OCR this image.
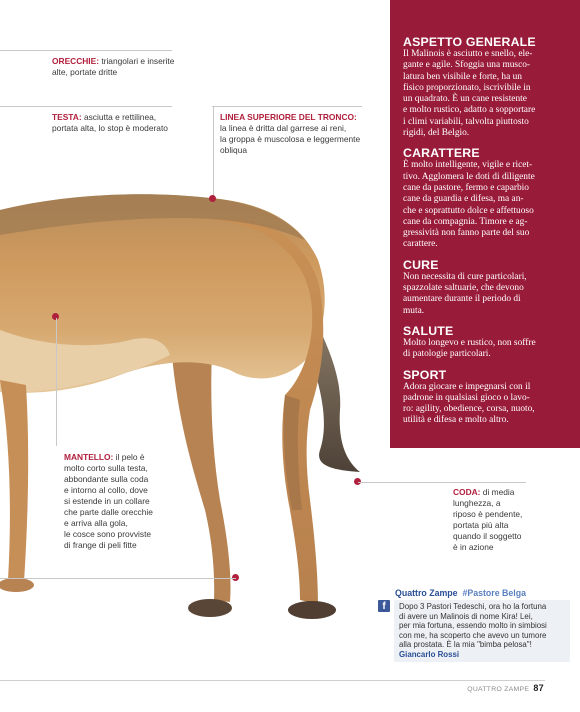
ORECCHIE: triangolari e inserite
alte, portate dritte
TESTA: asciutta e rettilinea,
portata alta, lo stop è moderato
LINEA SUPERIORE DEL TRONCO:
la linea è dritta dal garrese ai reni,
la groppa è muscolosa e leggermente
obliqua
ASPETTO GENERALE

Il Malinois è asciutto e snello, ele-
gante e agile. Sfoggia una musco-
latura ben visibile e forte, ha un
fisico proporzionato, iscrivibile in
un quadrato. È un cane resistente
e molto rustico, adatto a sopportare
i climi variabili, talvolta piuttosto
rigidi, del Belgio.

CARATTERE

È molto intelligente, vigile e ricet-
tivo. Agglomera le doti di diligente
cane da pastore, fermo e caparbio
cane da guardia e difesa, ma an-
che e soprattutto dolce e affettuoso
cane da compagnia. Timore e ag-
gressività non fanno parte del suo
carattere.

CURE

Non necessita di cure particolari,
spazzolate saltuarie, che devono
aumentare durante il periodo di
muta.

SALUTE

Molto longevo e rustico, non soffre
di patologie particolari.

SPORT

Adora giocare e impegnarsi con il
padrone in qualsiasi gioco o lavo-
ro: agility, obedience, corsa, nuoto,
utilità e difesa e molto altro.

MANTELLO: il pelo è
molto corto sulla testa,
abbondante sulla coda
e intorno al collo, dove
si estende in un collare
che parte dalle orecchie
e arriva alla gola,
le cosce sono provviste
di frange di peli fitte
CODA: di media
lunghezza, a
riposo è pendente,
portata più alta
quando il soggetto
è in azione
Quattro Zampe #Pastore Belga
f	Dopo 3 Pastori Tedeschi, ora ho la fortuna
di avere un Malinois di nome Kira! Lei,
per mia fortuna, essendo molto in simbiosi
con me, ha scoperto che avevo un tumore
alla prostata. È la mia "bimba pelosa"!
Giancarlo Rossi
QUATTRO ZAMPE 87
